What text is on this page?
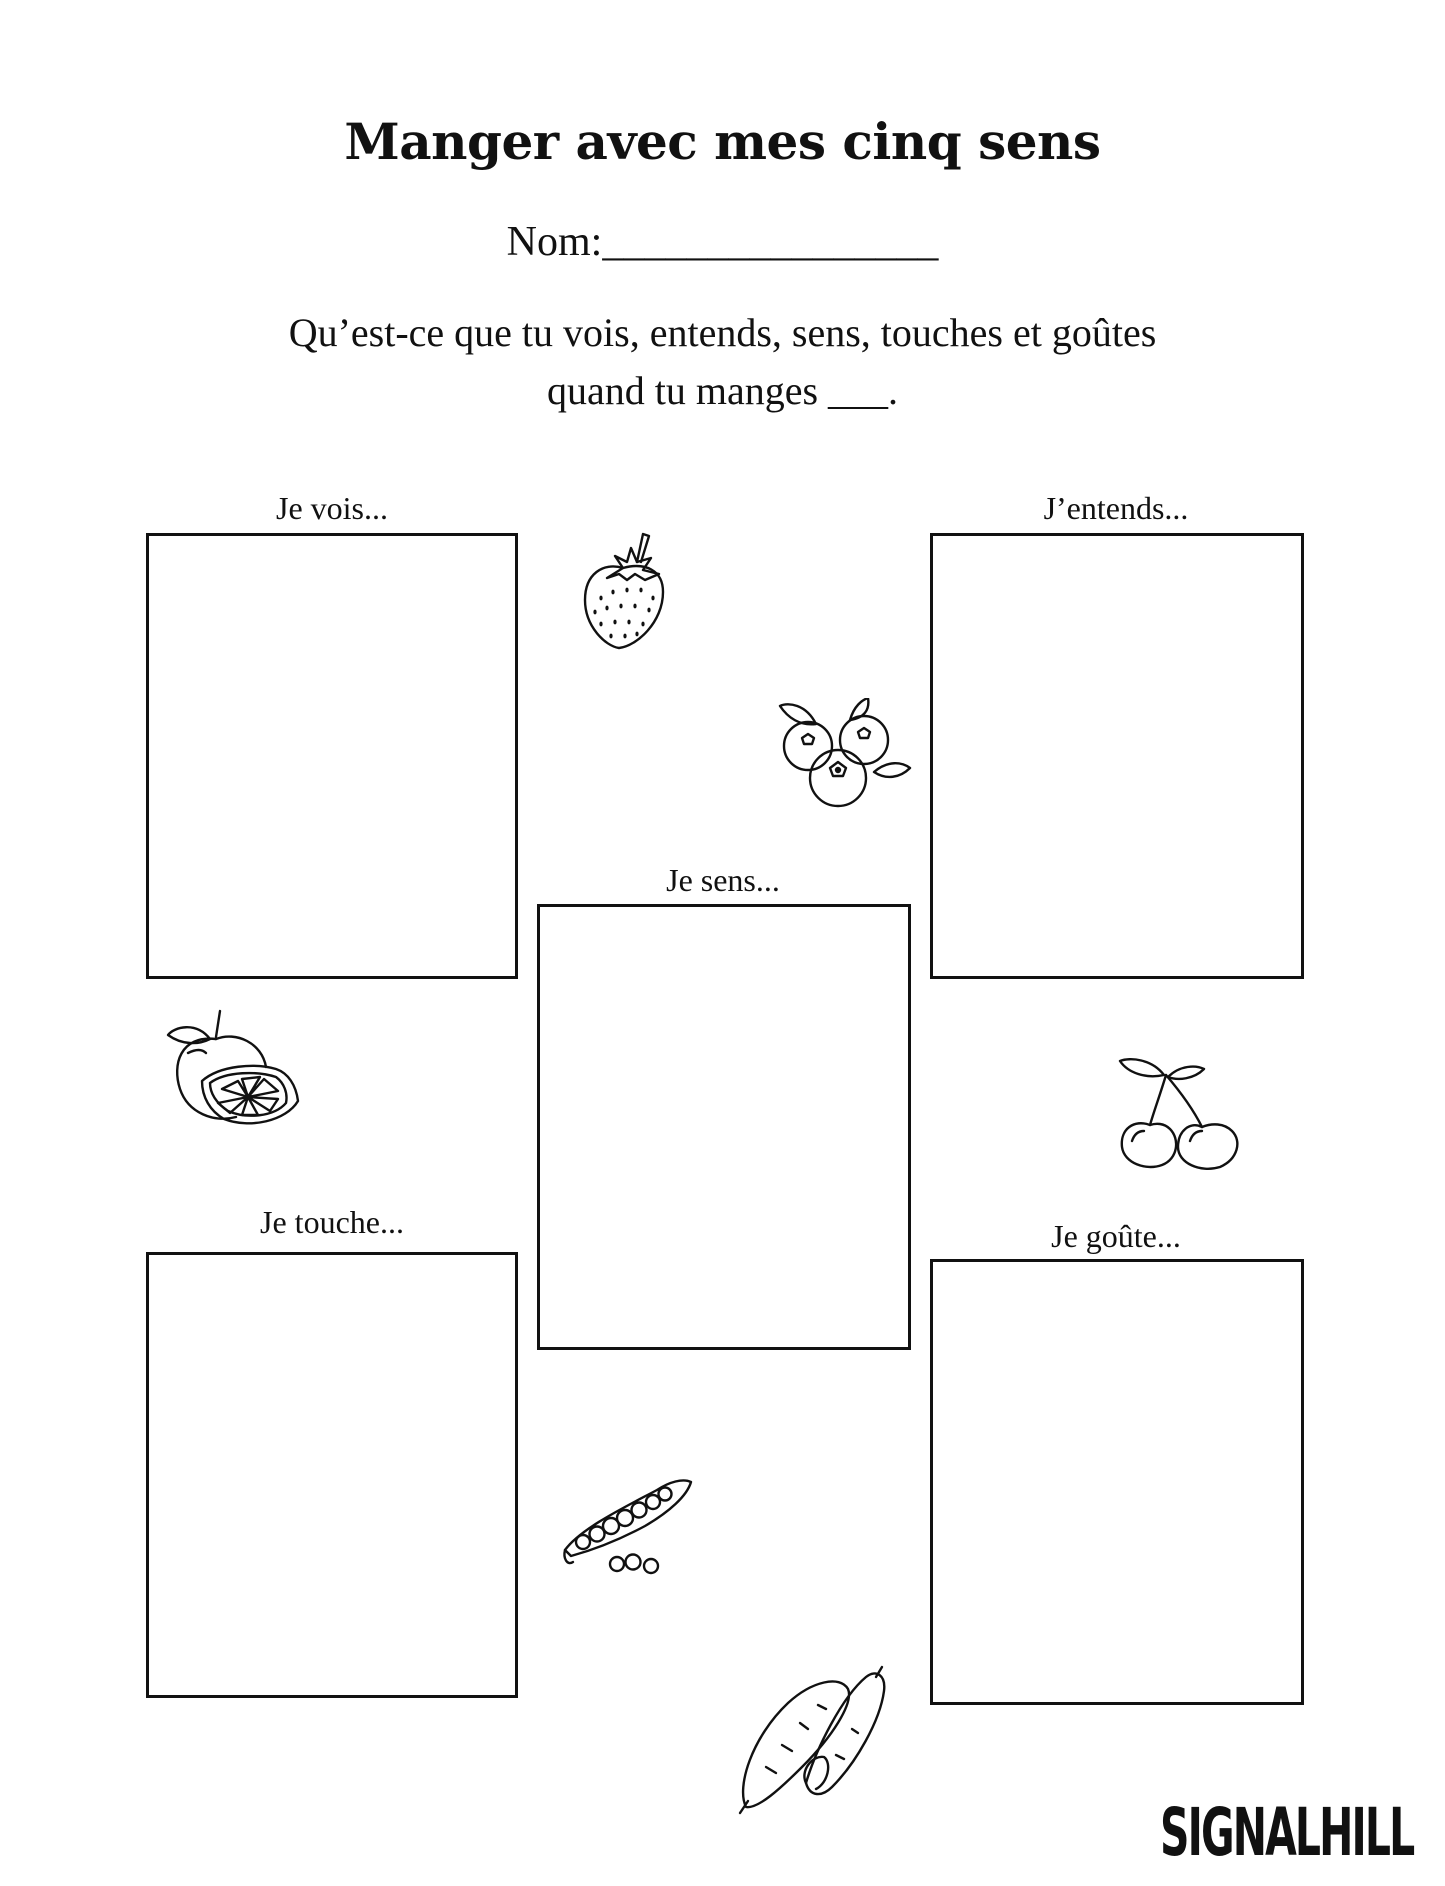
Manger avec mes cinq sens
Nom:________________
Qu’est-ce que tu vois, entends, sens, touches et goûtes
quand tu manges ___.
Je vois...	J’entends...
Je sens...
Je touche...	Je goûte...
SIGNALHILL
